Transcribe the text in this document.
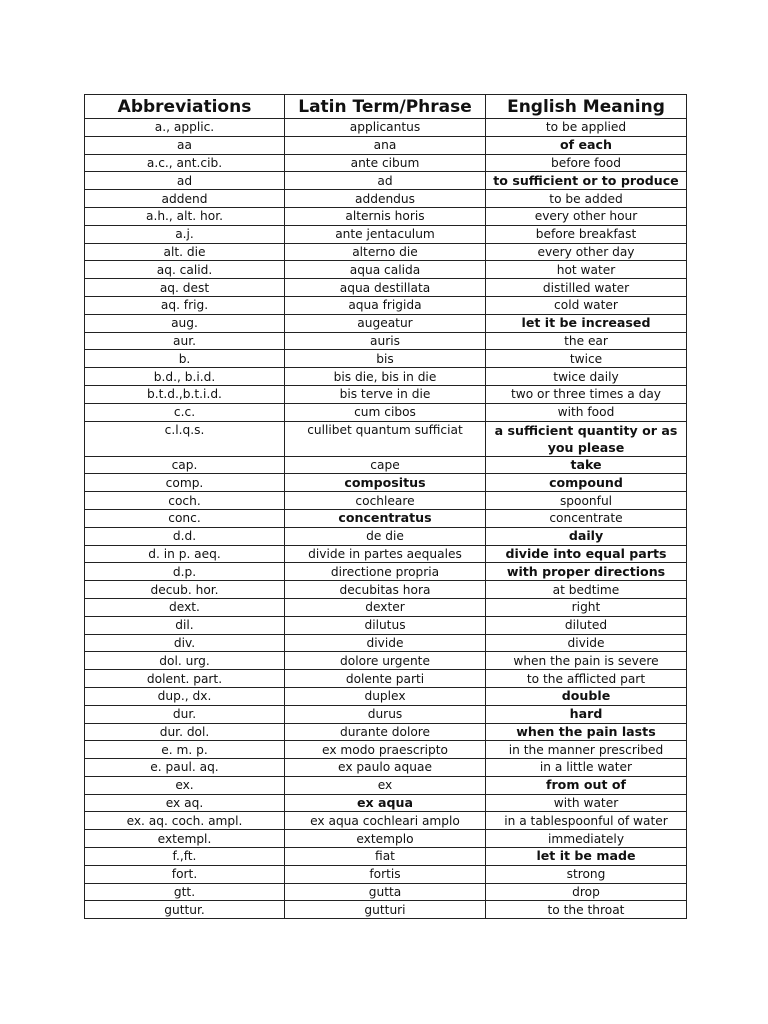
Abbreviations	Latin Term/Phrase	English Meaning
a., applic.	applicantus	to be applied
aa	ana	of each
a.c., ant.cib.	ante cibum	before food
ad	ad	to sufficient or to produce
addend	addendus	to be added
a.h., alt. hor.	alternis horis	every other hour
a.j.	ante jentaculum	before breakfast
alt. die	alterno die	every other day
aq. calid.	aqua calida	hot water
aq. dest	aqua destillata	distilled water
aq. frig.	aqua frigida	cold water
aug.	augeatur	let it be increased
aur.	auris	the ear
b.	bis	twice
b.d., b.i.d.	bis die, bis in die	twice daily
b.t.d.,b.t.i.d.	bis terve in die	two or three times a day
c.c.	cum cibos	with food
c.l.q.s.	cullibet quantum sufficiat	a sufficient quantity or as you please
cap.	cape	take
comp.	compositus	compound
coch.	cochleare	spoonful
conc.	concentratus	concentrate
d.d.	de die	daily
d. in p. aeq.	divide in partes aequales	divide into equal parts
d.p.	directione propria	with proper directions
decub. hor.	decubitas hora	at bedtime
dext.	dexter	right
dil.	dilutus	diluted
div.	divide	divide
dol. urg.	dolore urgente	when the pain is severe
dolent. part.	dolente parti	to the afflicted part
dup., dx.	duplex	double
dur.	durus	hard
dur. dol.	durante dolore	when the pain lasts
e. m. p.	ex modo praescripto	in the manner prescribed
e. paul. aq.	ex paulo aquae	in a little water
ex.	ex	from out of
ex aq.	ex aqua	with water
ex. aq. coch. ampl.	ex aqua cochleari amplo	in a tablespoonful of water
extempl.	extemplo	immediately
f.,ft.	fiat	let it be made
fort.	fortis	strong
gtt.	gutta	drop
guttur.	gutturi	to the throat
